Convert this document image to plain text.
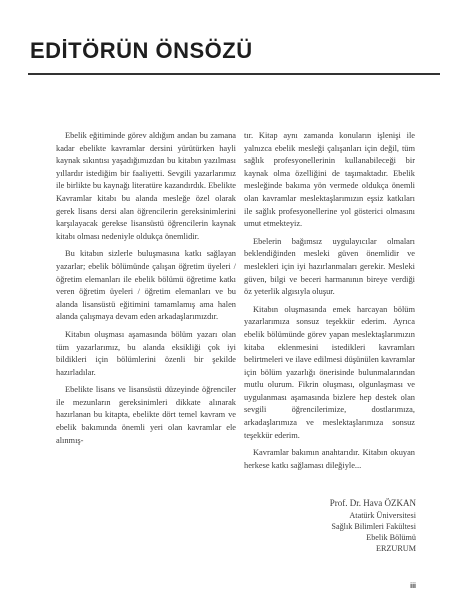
EDİTÖRÜN ÖNSÖZÜ

Ebelik eğitiminde görev aldığım andan bu zamana kadar ebelikte kavramlar dersini yürütürken hayli kaynak sıkıntısı yaşadığımızdan bu kitabın yazılması yıllardır istediğim bir faaliyetti. Sevgili yazarlarımız ile birlikte bu kaynağı literatüre kazandırdık. Ebelikte Kavramlar kitabı bu alanda mesleğe özel olarak gerek lisans dersi alan öğrencilerin gereksinimlerini karşılayacak gerekse lisansüstü öğrencilerin kaynak kitabı olması nedeniyle oldukça önemlidir.

Bu kitabın sizlerle buluşmasına katkı sağlayan yazarlar; ebelik bölümünde çalışan öğretim üyeleri / öğretim elemanları ile ebelik bölümü öğretime katkı veren öğretim üyeleri / öğretim elemanları ve bu alanda lisansüstü eğitimini tamamlamış ama halen alanda çalışmaya devam eden arkadaşlarımızdır.

Kitabın oluşması aşamasında bölüm yazarı olan tüm yazarlarımız, bu alanda eksikliği çok iyi bildikleri için bölümlerini özenli bir şekilde hazırladılar.

Ebelikte lisans ve lisansüstü düzeyinde öğrenciler ile mezunların gereksinimleri dikkate alınarak hazırlanan bu kitapta, ebelikte dört temel kavram ve ebelik bakımında önemli yeri olan kavramlar ele alınmış-

tır. Kitap aynı zamanda konuların işlenişi ile yalnızca ebelik mesleği çalışanları için değil, tüm sağlık profesyonellerinin kullanabileceği bir kaynak olma özelliğini de taşımaktadır. Ebelik mesleğinde bakıma yön vermede oldukça önemli olan kavramlar meslektaşlarımızın eşsiz katkıları ile sağlık profesyonellerine yol gösterici olmasını umut etmekteyiz.

Ebelerin bağımsız uygulayıcılar olmaları beklendiğinden mesleki güven önemlidir ve meslekleri için iyi hazırlanmaları gerekir. Mesleki güven, bilgi ve beceri harmanının bireye verdiği öz yeterlik algısıyla oluşur.

Kitabın oluşmasında emek harcayan bölüm yazarlarımıza sonsuz teşekkür ederim. Ayrıca ebelik bölümünde görev yapan meslektaşlarımızın kitaba eklenmesini istedikleri kavramları belirtmeleri ve ilave edilmesi düşünülen kavramlar için bölüm yazarlığı önerisinde bulunmalarından mutlu olurum. Fikrin oluşması, olgunlaşması ve uygulanması aşamasında bizlere hep destek olan sevgili öğrencilerimize, dostlarımıza, arkadaşlarımıza ve meslektaşlarımıza sonsuz teşekkür ederim.

Kavramlar bakımın anahtarıdır. Kitabın okuyan herkese katkı sağlaması dileğiyle...

Prof. Dr. Hava ÖZKAN
Atatürk Üniversitesi
Sağlık Bilimleri Fakültesi
Ebelik Bölümü
ERZURUM
iii
